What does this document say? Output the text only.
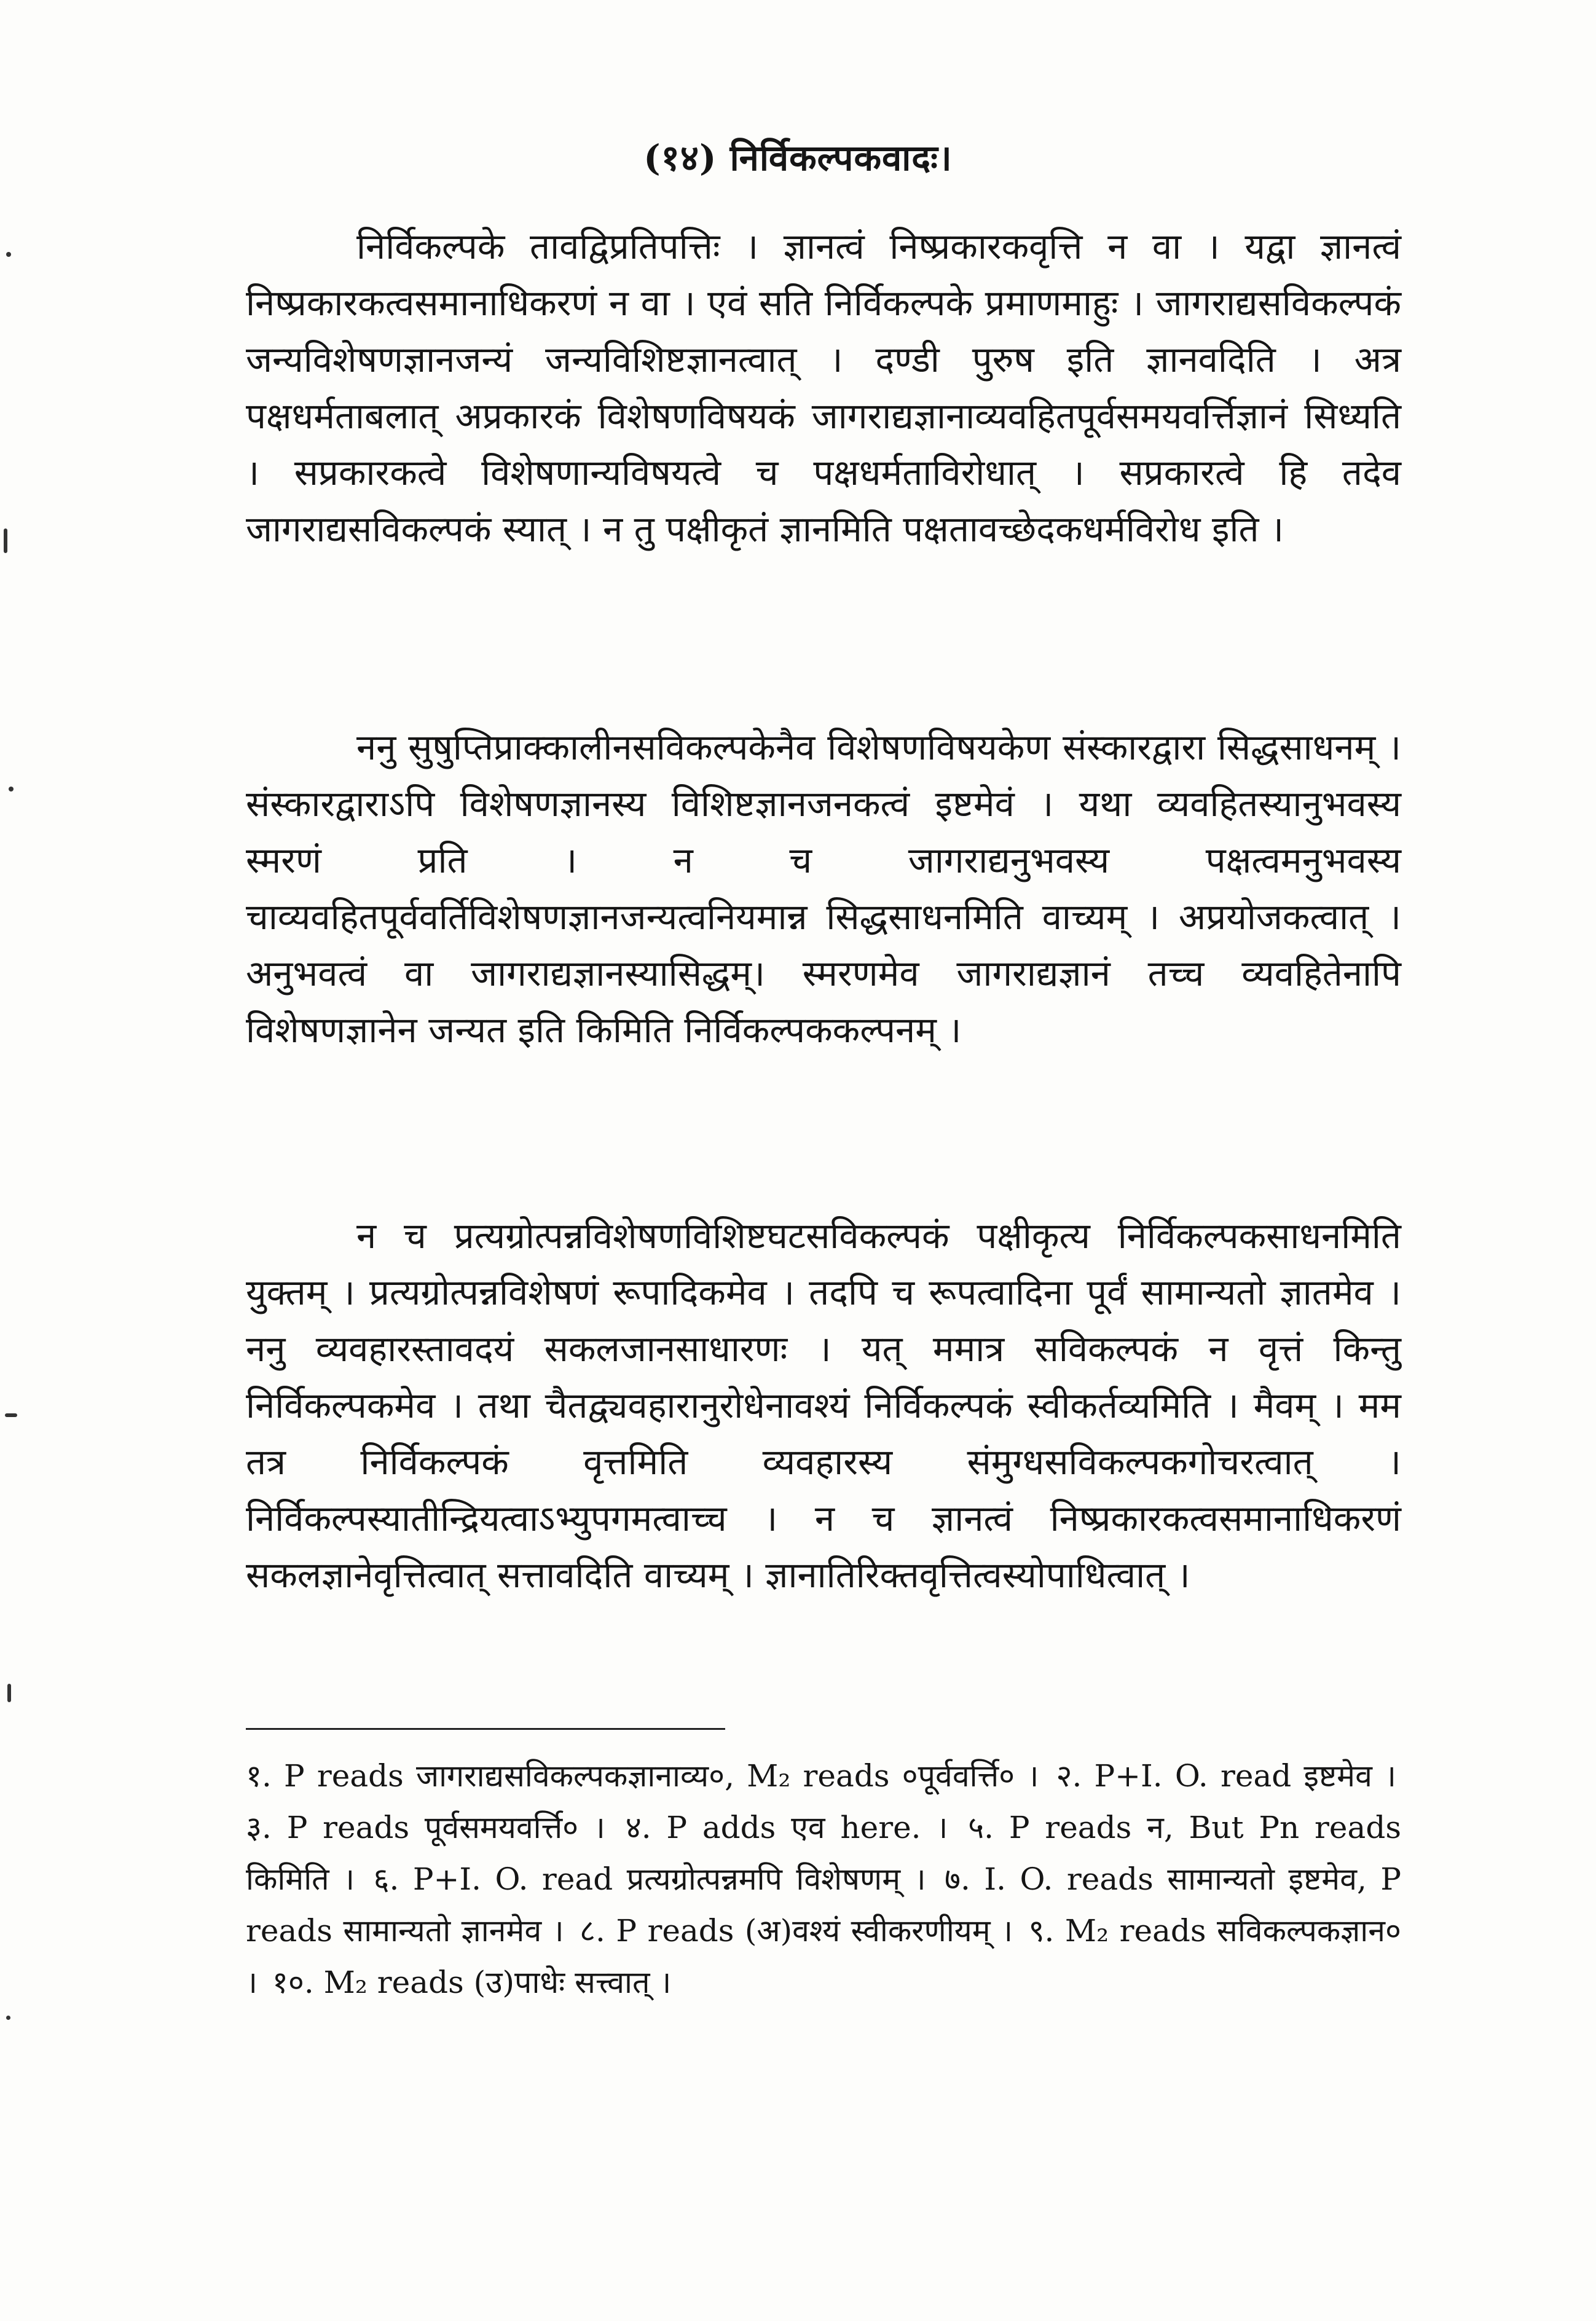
(१४) निर्विकल्पकवादः।

निर्विकल्पके तावद्विप्रतिपत्तिः । ज्ञानत्वं निष्प्रकारकवृत्ति न वा । यद्वा ज्ञानत्वं निष्प्रकारकत्वसमानाधिकरणं न वा । एवं सति निर्विकल्पके प्रमाणमाहुः । जागराद्यसविकल्पकं जन्यविशेषणज्ञानजन्यं जन्यविशिष्टज्ञानत्वात् । दण्डी पुरुष इति ज्ञानवदिति । अत्र पक्षधर्मताबलात् अप्रकारकं विशेषणविषयकं जागराद्यज्ञानाव्यवहितपूर्वसमयवर्त्तिज्ञानं सिध्यति । सप्रकारकत्वे विशेषणान्यविषयत्वे च पक्षधर्मताविरोधात् । सप्रकारत्वे हि तदेव जागराद्यसविकल्पकं स्यात् । न तु पक्षीकृतं ज्ञानमिति पक्षतावच्छेदकधर्मविरोध इति ।

ननु सुषुप्तिप्राक्कालीनसविकल्पकेनैव विशेषणविषयकेण संस्कारद्वारा सिद्धसाधनम् । संस्कारद्वाराऽपि विशेषणज्ञानस्य विशिष्टज्ञानजनकत्वं इष्टमेवं । यथा व्यवहितस्यानुभवस्य स्मरणं प्रति । न च जागराद्यनुभवस्य पक्षत्वमनुभवस्य चाव्यवहितपूर्ववर्तिविशेषणज्ञानजन्यत्वनियमान्न सिद्धसाधनमिति वाच्यम् । अप्रयोजकत्वात् । अनुभवत्वं वा जागराद्यज्ञानस्यासिद्धम्। स्मरणमेव जागराद्यज्ञानं तच्च व्यवहितेनापि विशेषणज्ञानेन जन्यत इति किमिति निर्विकल्पककल्पनम् ।

न च प्रत्यग्रोत्पन्नविशेषणविशिष्टघटसविकल्पकं पक्षीकृत्य निर्विकल्पकसाधनमिति युक्तम् । प्रत्यग्रोत्पन्नविशेषणं रूपादिकमेव । तदपि च रूपत्वादिना पूर्वं सामान्यतो ज्ञातमेव । ननु व्यवहारस्तावदयं सकलजानसाधारणः । यत् ममात्र सविकल्पकं न वृत्तं किन्तु निर्विकल्पकमेव । तथा चैतद्व्यवहारानुरोधेनावश्यं निर्विकल्पकं स्वीकर्तव्यमिति । मैवम् । मम तत्र निर्विकल्पकं वृत्तमिति व्यवहारस्य संमुग्धसविकल्पकगोचरत्वात् । निर्विकल्पस्यातीन्द्रियत्वाऽभ्युपगमत्वाच्च । न च ज्ञानत्वं निष्प्रकारकत्वसमानाधिकरणं सकलज्ञानेवृत्तित्वात् सत्तावदिति वाच्यम् । ज्ञानातिरिक्तवृत्तित्वस्योपाधित्वात् ।

१. P reads जागराद्यसविकल्पकज्ञानाव्य०, M₂ reads ०पूर्ववर्त्ति० । २. P+I. O. read इष्टमेव । ३. P reads पूर्वसमयवर्त्ति० । ४. P adds एव here. । ५. P reads न, But Pn reads किमिति । ६. P+I. O. read प्रत्यग्रोत्पन्नमपि विशेषणम् । ७. I. O. reads सामान्यतो इष्टमेव, P reads सामान्यतो ज्ञानमेव । ८. P reads (अ)वश्यं स्वीकरणीयम् । ९. M₂ reads सविकल्पकज्ञान० । १०. M₂ reads (उ)पाधेः सत्त्वात् ।
